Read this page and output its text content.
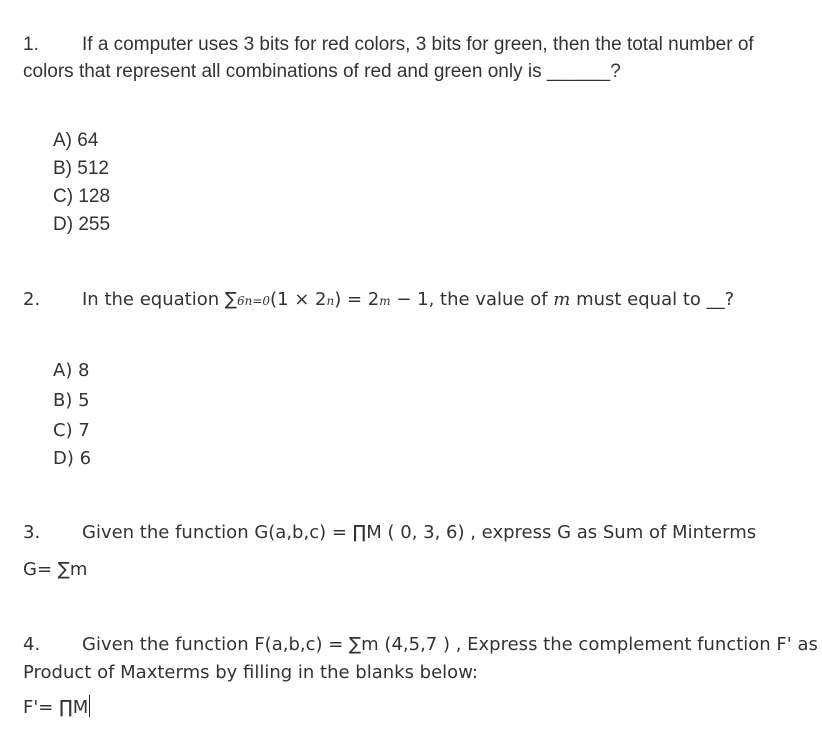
1. If a computer uses 3 bits for red colors, 3 bits for green, then the total number of
colors that represent all combinations of red and green only is ______?
A) 64
B) 512
C) 128
D) 255
2. In the equation ∑6n=0(1 × 2n) = 2m − 1, the value of m must equal to __?
A) 8
B) 5
C) 7
D) 6
3. Given the function G(a,b,c) = ∏M ( 0, 3, 6) , express G as Sum of Minterms
G= ∑m
4. Given the function F(a,b,c) = ∑m (4,5,7 ) , Express the complement function F' as
Product of Maxterms by filling in the blanks below:
F'= ∏M
